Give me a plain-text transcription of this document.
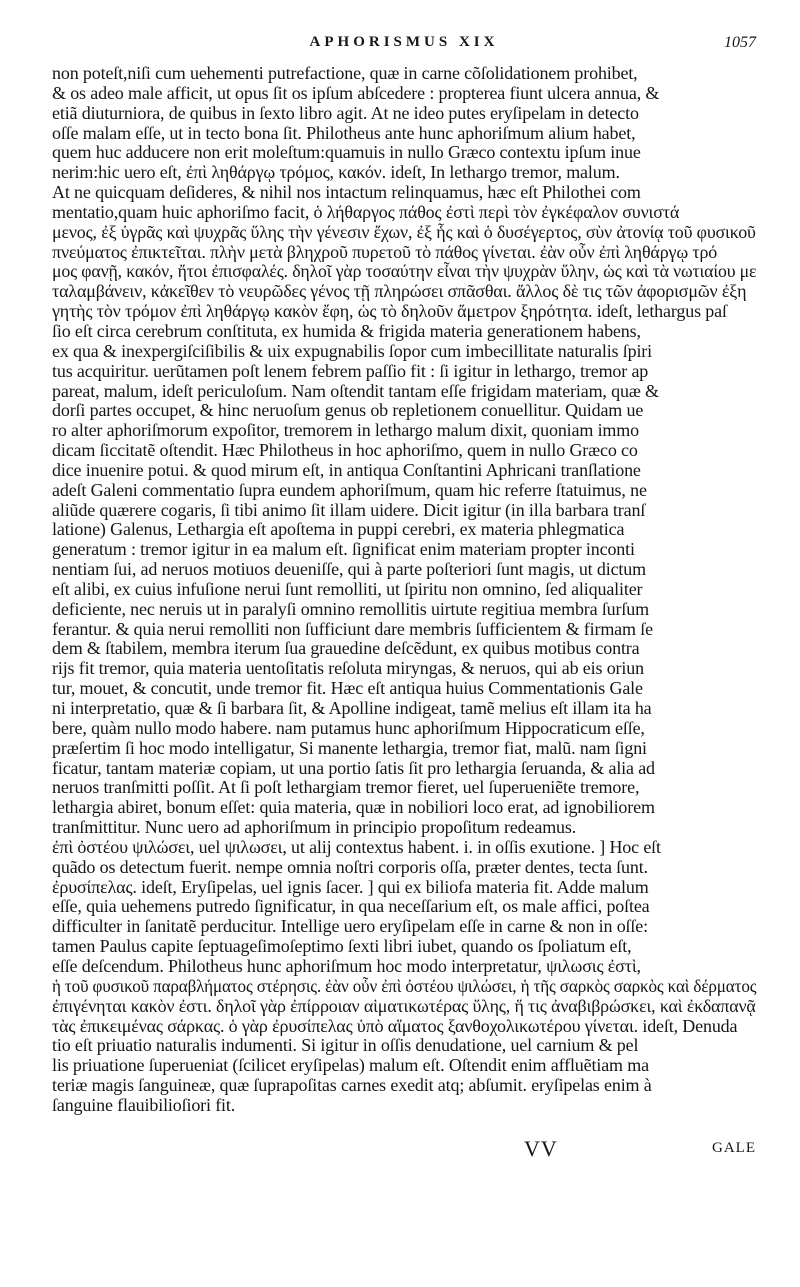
APHORISMUS XIX	1057
non poteſt,niſi cum uehementi putrefactione, quæ in carne cõſolidationem prohibet,
& os adeo male afficit, ut opus ſit os ipſum abſcedere : propterea fiunt ulcera annua, &
etiã diuturniora, de quibus in ſexto libro agit. At ne ideo putes eryſipelam in detecto
oſſe malam eſſe, ut in tecto bona ſit. Philotheus ante hunc aphoriſmum alium habet,
quem huc adducere non erit moleſtum:quamuis in nullo Græco contextu ipſum inue
nerim:hic uero eſt, ἐπὶ ληθάργῳ τρόμος, κακόν. ideſt, In lethargo tremor, malum.
At ne quicquam deſideres, & nihil nos intactum relinquamus, hæc eſt Philothei com
mentatio,quam huic aphoriſmo facit, ὁ λήθαργος πάθος ἐστὶ περὶ τὸν ἐγκέφαλον συνιστά
μενος, ἐξ ὑγρᾶς καὶ ψυχρᾶς ὕλης τὴν γένεσιν ἔχων, ἐξ ἧς καὶ ὁ δυσέγερτος, σὺν ἀτονίᾳ τοῦ φυσικοῦ
πνεύματος ἐπικτεῖται. πλὴν μετὰ βληχροῦ πυρετοῦ τὸ πάθος γίνεται. ἐὰν οὖν ἐπὶ ληθάργῳ τρό
μος φανῇ, κακόν, ἤτοι ἐπισφαλές. δηλοῖ γὰρ τοσαύτην εἶναι τὴν ψυχρὰν ὕλην, ὡς καὶ τὰ νωτιαίου με
ταλαμβάνειν, κἀκεῖθεν τὸ νευρῶδες γένος τῇ πληρώσει σπᾶσθαι. ἄλλος δὲ τις τῶν ἀφορισμῶν ἐξη
γητὴς τὸν τρόμον ἐπὶ ληθάργῳ κακὸν ἔφη, ὡς τὸ δηλοῦν ἄμετρον ξηρότητα. ideſt, lethargus paſ
ſio eſt circa cerebrum conſtituta, ex humida & frigida materia generationem habens,
ex qua & inexpergiſciſibilis & uix expugnabilis ſopor cum imbecillitate naturalis ſpiri
tus acquiritur. uerũtamen poſt lenem febrem paſſio fit : ſi igitur in lethargo, tremor ap
pareat, malum, ideſt periculoſum. Nam oſtendit tantam eſſe frigidam materiam, quæ &
dorſi partes occupet, & hinc neruoſum genus ob repletionem conuellitur. Quidam ue
ro alter aphoriſmorum expoſitor, tremorem in lethargo malum dixit, quoniam immo
dicam ſiccitatẽ oſtendit. Hæc Philotheus in hoc aphoriſmo, quem in nullo Græco co
dice inuenire potui. & quod mirum eſt, in antiqua Conſtantini Aphricani tranſlatione
adeſt Galeni commentatio ſupra eundem aphoriſmum, quam hic referre ſtatuimus, ne
aliũde quærere cogaris, ſi tibi animo ſit illam uidere. Dicit igitur (in illa barbara tranſ
latione) Galenus, Lethargia eſt apoſtema in puppi cerebri, ex materia phlegmatica
generatum : tremor igitur in ea malum eſt. ſignificat enim materiam propter inconti
nentiam ſui, ad neruos motiuos deueniſſe, qui à parte poſteriori ſunt magis, ut dictum
eſt alibi, ex cuius infuſione nerui ſunt remolliti, ut ſpiritu non omnino, ſed aliqualiter
deficiente, nec neruis ut in paralyſi omnino remollitis uirtute regitiua membra ſurſum
ferantur. & quia nerui remolliti non ſufficiunt dare membris ſufficientem & firmam ſe
dem & ſtabilem, membra iterum ſua grauedine deſcẽdunt, ex quibus motibus contra
rijs fit tremor, quia materia uentoſitatis reſoluta miryngas, & neruos, qui ab eis oriun
tur, mouet, & concutit, unde tremor fit. Hæc eſt antiqua huius Commentationis Gale
ni interpretatio, quæ & ſi barbara ſit, & Apolline indigeat, tamẽ melius eſt illam ita ha
bere, quàm nullo modo habere. nam putamus hunc aphoriſmum Hippocraticum eſſe,
præſertim ſi hoc modo intelligatur, Si manente lethargia, tremor fiat, malũ. nam ſigni
ficatur, tantam materiæ copiam, ut una portio ſatis ſit pro lethargia ſeruanda, & alia ad
neruos tranſmitti poſſit. At ſi poſt lethargiam tremor fieret, uel ſuperueniẽte tremore,
lethargia abiret, bonum eſſet: quia materia, quæ in nobiliori loco erat, ad ignobiliorem
tranſmittitur. Nunc uero ad aphoriſmum in principio propoſitum redeamus.
ἐπὶ ὀστέου ψιλώσει, uel ψιλωσει, ut alij contextus habent. i. in oſſis exutione. ] Hoc eſt
quãdo os detectum fuerit. nempe omnia noſtri corporis oſſa, præter dentes, tecta ſunt.
ἐρυσίπελας. ideſt, Eryſipelas, uel ignis ſacer. ] qui ex biliofa materia fit. Adde malum
eſſe, quia uehemens putredo ſignificatur, in qua neceſſarium eſt, os male affici, poſtea
difficulter in ſanitatẽ perducitur. Intellige uero eryſipelam eſſe in carne & non in oſſe:
tamen Paulus capite ſeptuageſimoſeptimo ſexti libri iubet, quando os ſpoliatum eſt,
eſſe deſcendum. Philotheus hunc aphoriſmum hoc modo interpretatur, ψιλωσις ἐστὶ,
ἡ τοῦ φυσικοῦ παραβλήματος στέρησις. ἐὰν οὖν ἐπὶ ὀστέου ψιλώσει, ἡ τῆς σαρκὸς σαρκὸς καὶ δέρματος
ἐπιγένηται κακὸν ἐστι. δηλοῖ γὰρ ἐπίρροιαν αἱματικωτέρας ὕλης, ἥ τις ἀναβιβρώσκει, καὶ ἐκδαπανᾷ
τὰς ἐπικειμένας σάρκας. ὁ γὰρ ἐρυσίπελας ὑπὸ αἵματος ξανθοχολικωτέρου γίνεται. ideſt, Denuda
tio eſt priuatio naturalis indumenti. Si igitur in oſſis denudatione, uel carnium & pel
lis priuatione ſuperueniat (ſcilicet eryſipelas) malum eſt. Oſtendit enim affluẽtiam ma
teriæ magis ſanguineæ, quæ ſuprapoſitas carnes exedit atq; abſumit. eryſipelas enim à
ſanguine flauibilioſiori fit.
VV	GALE
